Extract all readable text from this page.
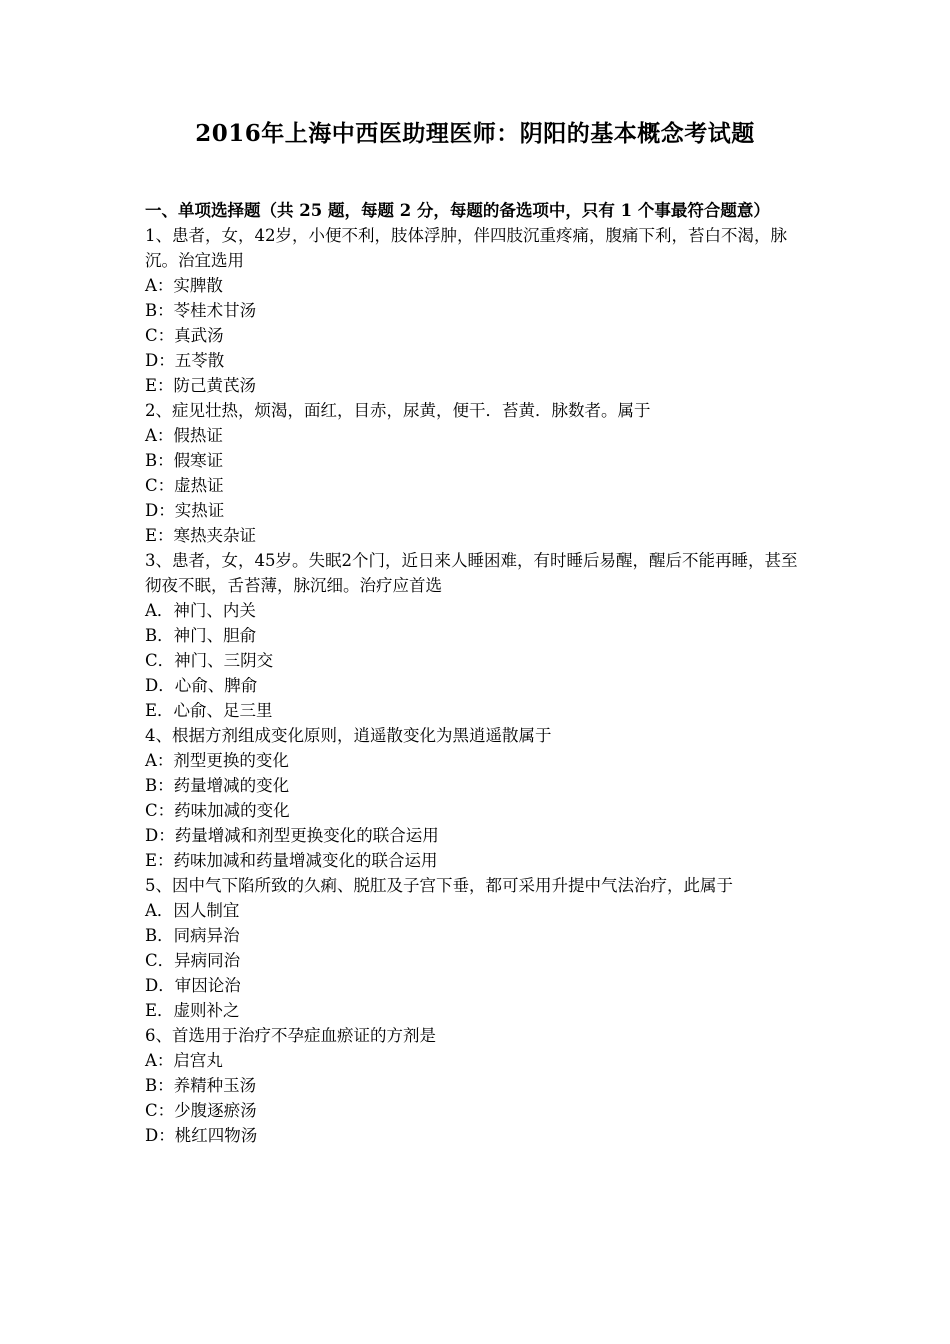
2016年上海中西医助理医师：阴阳的基本概念考试题
一、单项选择题（共 25 题，每题 2 分，每题的备选项中，只有 1 个事最符合题意）

1、患者，女，42岁，小便不利，肢体浮肿，伴四肢沉重疼痛，腹痛下利，苔白不渴，脉沉。治宜选用

A：实脾散

B：苓桂术甘汤

C：真武汤

D：五苓散

E：防己黄芪汤

2、症见壮热，烦渴，面红，目赤，尿黄，便干．苔黄．脉数者。属于

A：假热证

B：假寒证

C：虚热证

D：实热证

E：寒热夹杂证

3、患者，女，45岁。失眠2个门，近日来人睡困难，有时睡后易醒，醒后不能再睡，甚至彻夜不眠，舌苔薄，脉沉细。治疗应首选

A．神门、内关

B．神门、胆俞

C．神门、三阴交

D．心俞、脾俞

E．心俞、足三里

4、根据方剂组成变化原则，逍遥散变化为黑逍遥散属于

A：剂型更换的变化

B：药量增减的变化

C：药味加减的变化

D：药量增减和剂型更换变化的联合运用

E：药味加减和药量增减变化的联合运用

5、因中气下陷所致的久痢、脱肛及子宫下垂，都可采用升提中气法治疗，此属于

A．因人制宜

B．同病异治

C．异病同治

D．审因论治

E．虚则补之

6、首选用于治疗不孕症血瘀证的方剂是

A：启宫丸

B：养精种玉汤

C：少腹逐瘀汤

D：桃红四物汤
